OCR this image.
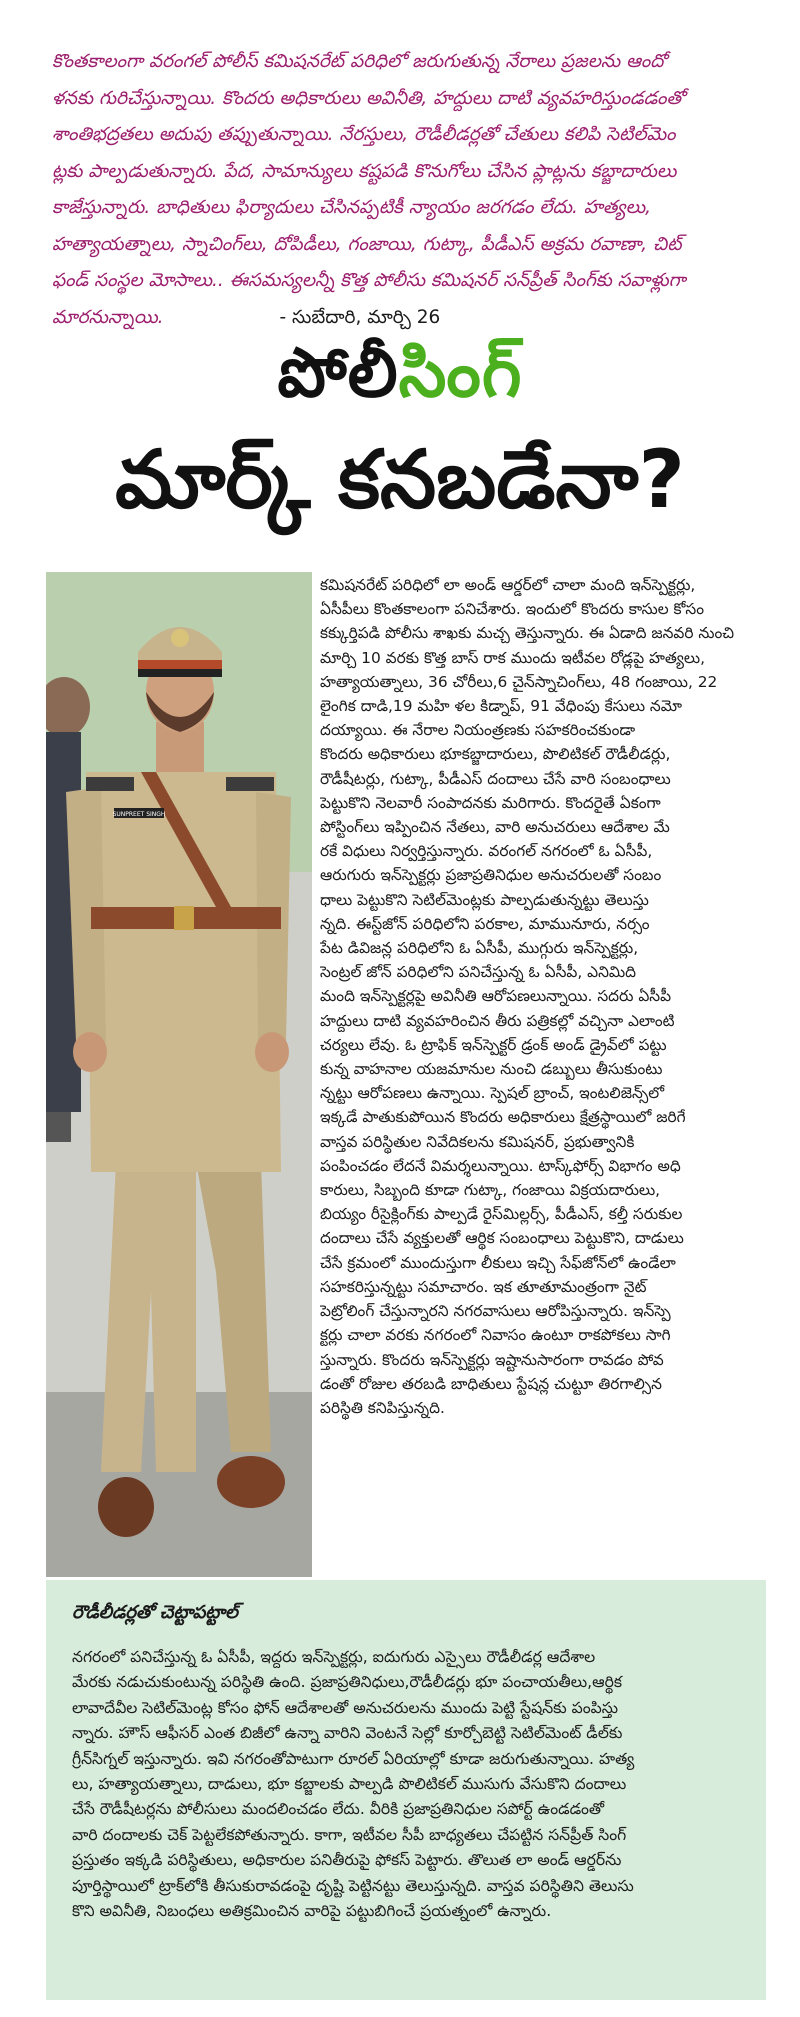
కొంతకాలంగా వరంగల్ పోలీస్ కమిషనరేట్ పరిధిలో జరుగుతున్న నేరాలు ప్రజలను ఆందో
ళనకు గురిచేస్తున్నాయి. కొందరు అధికారులు అవినీతి, హద్దులు దాటి వ్యవహరిస్తుండడంతో
శాంతిభద్రతలు అదుపు తప్పుతున్నాయి. నేరస్తులు, రౌడీలీడర్లతో చేతులు కలిపి సెటిల్‌మెం
ట్లకు పాల్పడుతున్నారు. పేద, సామాన్యులు కష్టపడి కొనుగోలు చేసిన ప్లాట్లను కబ్జాదారులు
కాజేస్తున్నారు. బాధితులు ఫిర్యాదులు చేసినప్పటికీ న్యాయం జరగడం లేదు. హత్యలు,
హత్యాయత్నాలు, స్నాచింగ్‌లు, దోపిడీలు, గంజాయి, గుట్కా, పీడీఎస్ అక్రమ రవాణా, చిట్
ఫండ్ సంస్థల మోసాలు.. ఈసమస్యలన్నీ కొత్త పోలీసు కమిషనర్ సన్‌ప్రీత్ సింగ్‌కు సవాళ్లుగా
మారనున్నాయి.	- సుబేదారి, మార్చి 26
పోలీసింగ్
మార్క్ కనబడేనా?
SUNPREET SINGH
కమిషనరేట్ పరిధిలో లా అండ్ ఆర్డర్‌లో చాలా మంది ఇన్‌స్పెక్టర్లు,
ఏసీపీలు కొంతకాలంగా పనిచేశారు. ఇందులో కొందరు కాసుల కోసం
కక్కుర్తిపడి పోలీసు శాఖకు మచ్చ తెస్తున్నారు. ఈ ఏడాది జనవరి నుంచి
మార్చి 10 వరకు కొత్త బాస్ రాక ముందు ఇటీవల రోడ్లపై హత్యలు,
హత్యాయత్నాలు, 36 చోరీలు,6 చైన్‌స్నాచింగ్‌లు, 48 గంజాయి, 22
లైంగిక దాడి,19 మహి ళల కిడ్నాప్, 91 వేధింపు కేసులు నమో
దయ్యాయి. ఈ నేరాల నియంత్రణకు సహకరించకుండా
కొందరు అధికారులు భూకబ్జాదారులు, పొలిటికల్ రౌడీలీడర్లు,
రౌడీషీటర్లు, గుట్కా, పీడీఎస్ దందాలు చేసే వారి సంబంధాలు
పెట్టుకొని నెలవారీ సంపాదనకు మరిగారు. కొందరైతే ఏకంగా
పోస్టింగ్‌లు ఇప్పించిన నేతలు, వారి అనుచరులు ఆదేశాల మే
రకే విధులు నిర్వర్తిస్తున్నారు. వరంగల్ నగరంలో ఓ ఏసీపీ,
ఆరుగురు ఇన్‌స్పెక్టర్లు ప్రజాప్రతినిధుల అనుచరులతో సంబం
ధాలు పెట్టుకొని సెటిల్‌మెంట్లకు పాల్పడుతున్నట్టు తెలుస్తు
న్నది. ఈస్ట్‌జోన్ పరిధిలోని పరకాల, మామునూరు, నర్సం
పేట డివిజన్ల పరిధిలోని ఓ ఏసీపీ, ముగ్గురు ఇన్‌స్పెక్టర్లు,
సెంట్రల్ జోన్ పరిధిలోని పనిచేస్తున్న ఓ ఏసీపీ, ఎనిమిది
మంది ఇన్‌స్పెక్టర్లపై అవినీతి ఆరోపణలున్నాయి. సదరు ఏసీపీ
హద్దులు దాటి వ్యవహరించిన తీరు పత్రికల్లో వచ్చినా ఎలాంటి
చర్యలు లేవు. ఓ ట్రాఫిక్ ఇన్‌స్పెక్టర్ డ్రంక్ అండ్ డ్రైవ్‌లో పట్టు
కున్న వాహనాల యజమానుల నుంచి డబ్బులు తీసుకుంటు
న్నట్టు ఆరోపణలు ఉన్నాయి. స్పెషల్ బ్రాంచ్, ఇంటలిజెన్స్‌లో
ఇక్కడే పాతుకుపోయిన కొందరు అధికారులు క్షేత్రస్థాయిలో జరిగే
వాస్తవ పరిస్థితుల నివేదికలను కమిషనర్, ప్రభుత్వానికి
పంపించడం లేదనే విమర్శలున్నాయి. టాస్క్‌ఫోర్స్ విభాగం అధి
కారులు, సిబ్బంది కూడా గుట్కా, గంజాయి విక్రయదారులు,
బియ్యం రీసైక్లింగ్‌కు పాల్పడే రైస్‌మిల్లర్స్, పీడీఎస్, కల్తీ సరుకుల
దందాలు చేసే వ్యక్తులతో ఆర్థిక సంబంధాలు పెట్టుకొని, దాడులు
చేసే క్రమంలో ముందుస్తుగా లీకులు ఇచ్చి సేఫ్‌జోన్‌లో ఉండేలా
సహకరిస్తున్నట్టు సమాచారం. ఇక తూతూమంత్రంగా నైట్
పెట్రోలింగ్ చేస్తున్నారని నగరవాసులు ఆరోపిస్తున్నారు. ఇన్‌స్పె
క్టర్లు చాలా వరకు నగరంలో నివాసం ఉంటూ రాకపోకలు సాగి
స్తున్నారు. కొందరు ఇన్‌స్పెక్టర్లు ఇష్టానుసారంగా రావడం పోవ
డంతో రోజుల తరబడి బాధితులు స్టేషన్ల చుట్టూ తిరగాల్సిన
పరిస్థితి కనిపిస్తున్నది.
రౌడీలీడర్లతో చెట్టాపట్టాల్
నగరంలో పనిచేస్తున్న ఓ ఏసీపీ, ఇద్దరు ఇన్‌స్పెక్టర్లు, ఐదుగురు ఎస్సైలు రౌడీలీడర్ల ఆదేశాల
మేరకు నడుచుకుంటున్న పరిస్థితి ఉంది. ప్రజాప్రతినిధులు,రౌడీలీడర్లు భూ పంచాయతీలు,ఆర్థిక
లావాదేవీల సెటిల్‌మెంట్ల కోసం ఫోన్ ఆదేశాలతో అనుచరులను ముందు పెట్టి స్టేషన్‌కు పంపిస్తు
న్నారు. హౌస్ ఆఫీసర్ ఎంత బిజీలో ఉన్నా వారిని వెంటనే సెల్లో కూర్చోబెట్టి సెటిల్‌మెంట్ డీల్‌కు
గ్రీన్‌సిగ్నల్ ఇస్తున్నారు. ఇవి నగరంతోపాటుగా రూరల్ ఏరియాల్లో కూడా జరుగుతున్నాయి. హత్య
లు, హత్యాయత్నాలు, దాడులు, భూ కబ్జాలకు పాల్పడి పొలిటికల్ ముసుగు వేసుకొని దందాలు
చేసే రౌడీషీటర్లను పోలీసులు మందలించడం లేదు. వీరికి ప్రజాప్రతినిధుల సపోర్ట్ ఉండడంతో
వారి దందాలకు చెక్ పెట్టలేకపోతున్నారు. కాగా, ఇటీవల సీపీ బాధ్యతలు చేపట్టిన సన్‌ప్రీత్ సింగ్
ప్రస్తుతం ఇక్కడి పరిస్థితులు, అధికారుల పనితీరుపై ఫోకస్ పెట్టారు. తొలుత లా అండ్ ఆర్డర్‌ను
పూర్తిస్థాయిలో ట్రాక్‌లోకి తీసుకురావడంపై దృష్టి పెట్టినట్టు తెలుస్తున్నది. వాస్తవ పరిస్థితిని తెలుసు
కొని అవినీతి, నిబంధలు అతిక్రమించిన వారిపై పట్టుబిగించే ప్రయత్నంలో ఉన్నారు.
